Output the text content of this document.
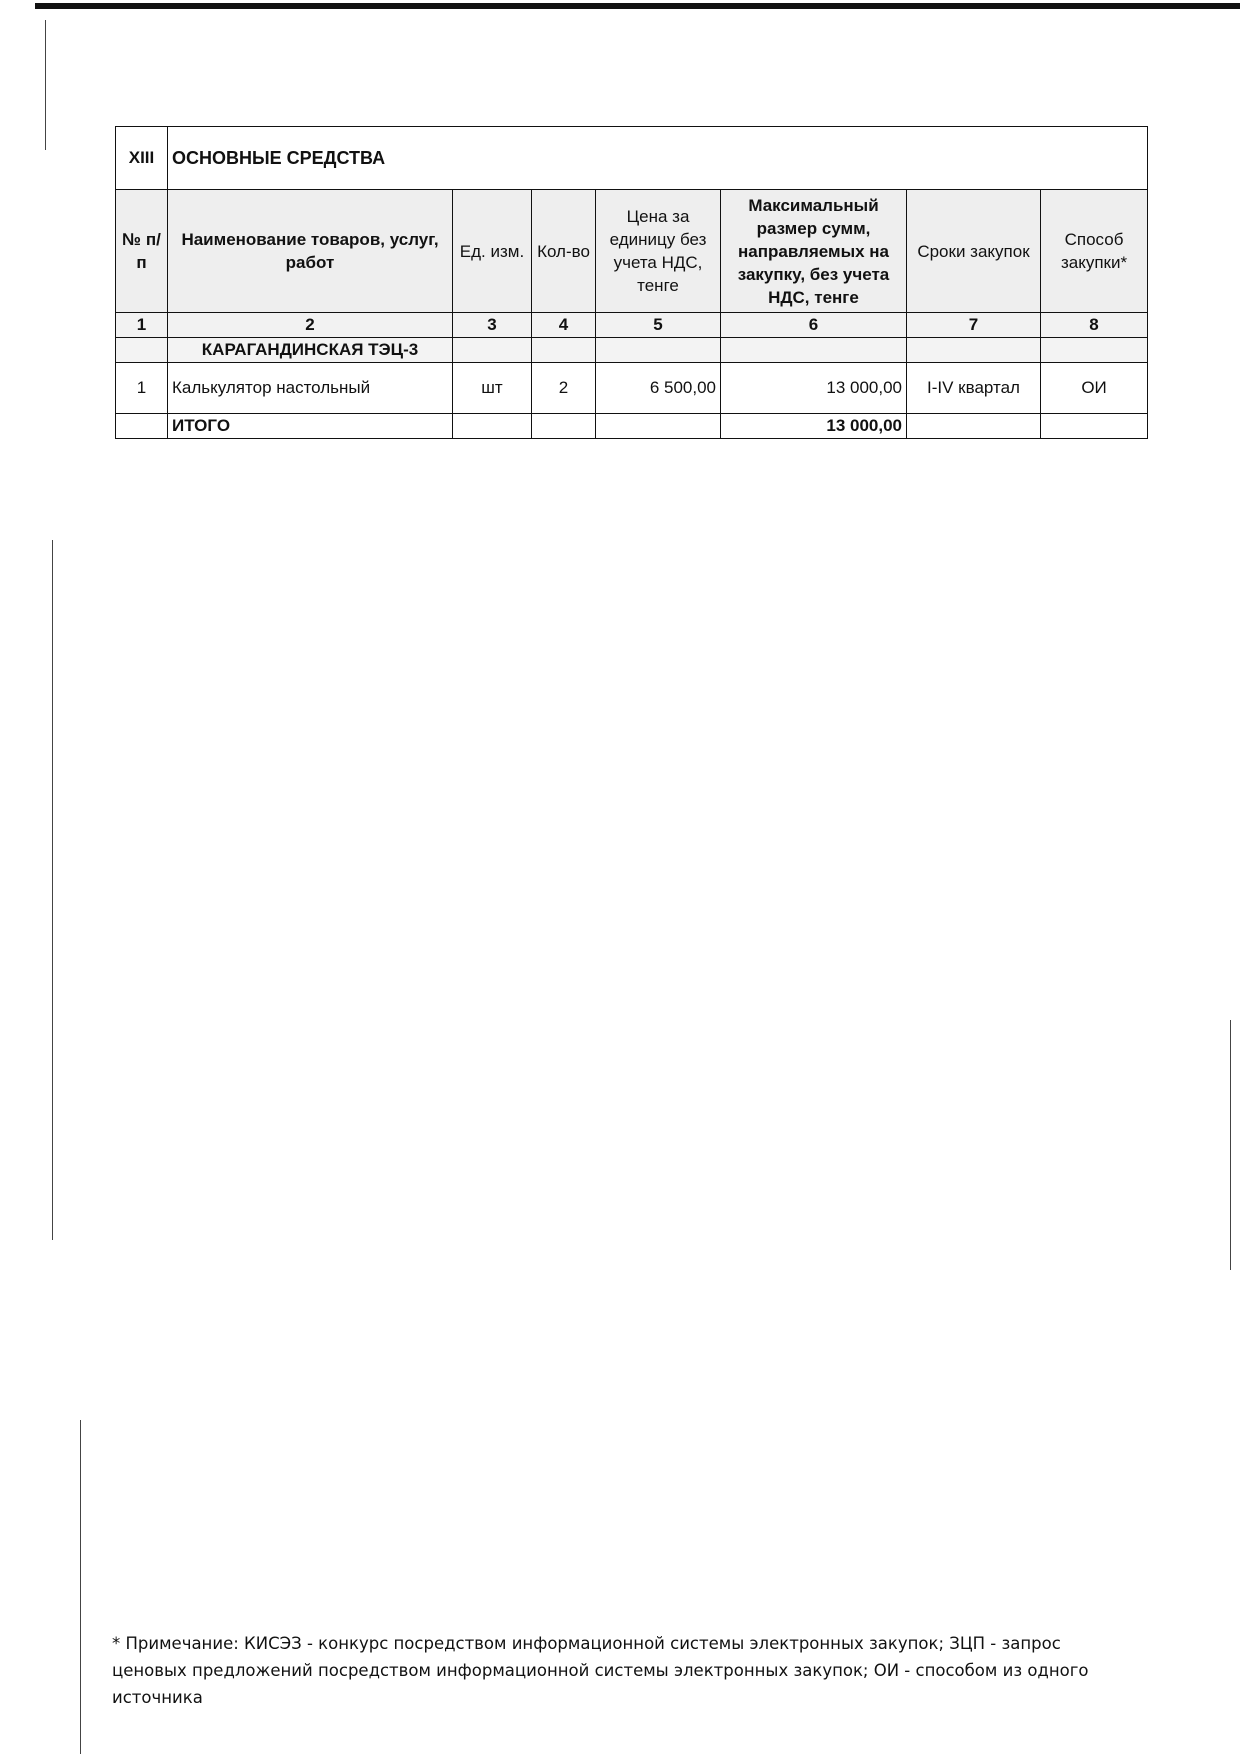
XIII	ОСНОВНЫЕ СРЕДСТВА						
№ п/п	Наименование товаров, услуг, работ	Ед. изм.	Кол-во	Цена за единицу без учета НДС, тенге	Максимальный размер сумм, направляемых на закупку, без учета НДС, тенге	Сроки закупок	Способ закупки*
1	2	3	4	5	6	7	8
	КАРАГАНДИНСКАЯ ТЭЦ-3						
1	Калькулятор настольный	шт	2	6 500,00	13 000,00	I-IV квартал	ОИ
	ИТОГО				13 000,00		
* Примечание: КИСЭЗ - конкурс посредством информационной системы электронных закупок; ЗЦП - запрос ценовых предложений посредством информационной системы электронных закупок; ОИ - способом из одного источника
